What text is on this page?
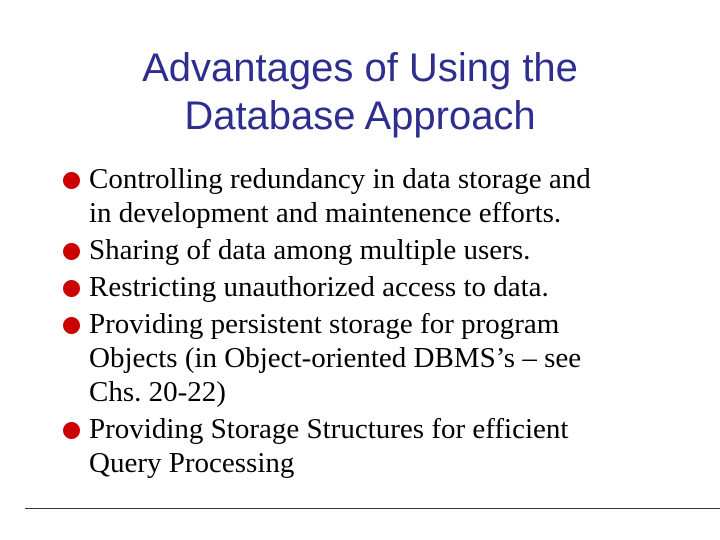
Advantages of Using the
Database Approach
Controlling redundancy in data storage and
in development and maintenence efforts.
Sharing of data among multiple users.
Restricting unauthorized access to data.
Providing persistent storage for program
Objects (in Object-oriented DBMS’s – see
Chs. 20-22)
Providing Storage Structures for efficient
Query Processing
